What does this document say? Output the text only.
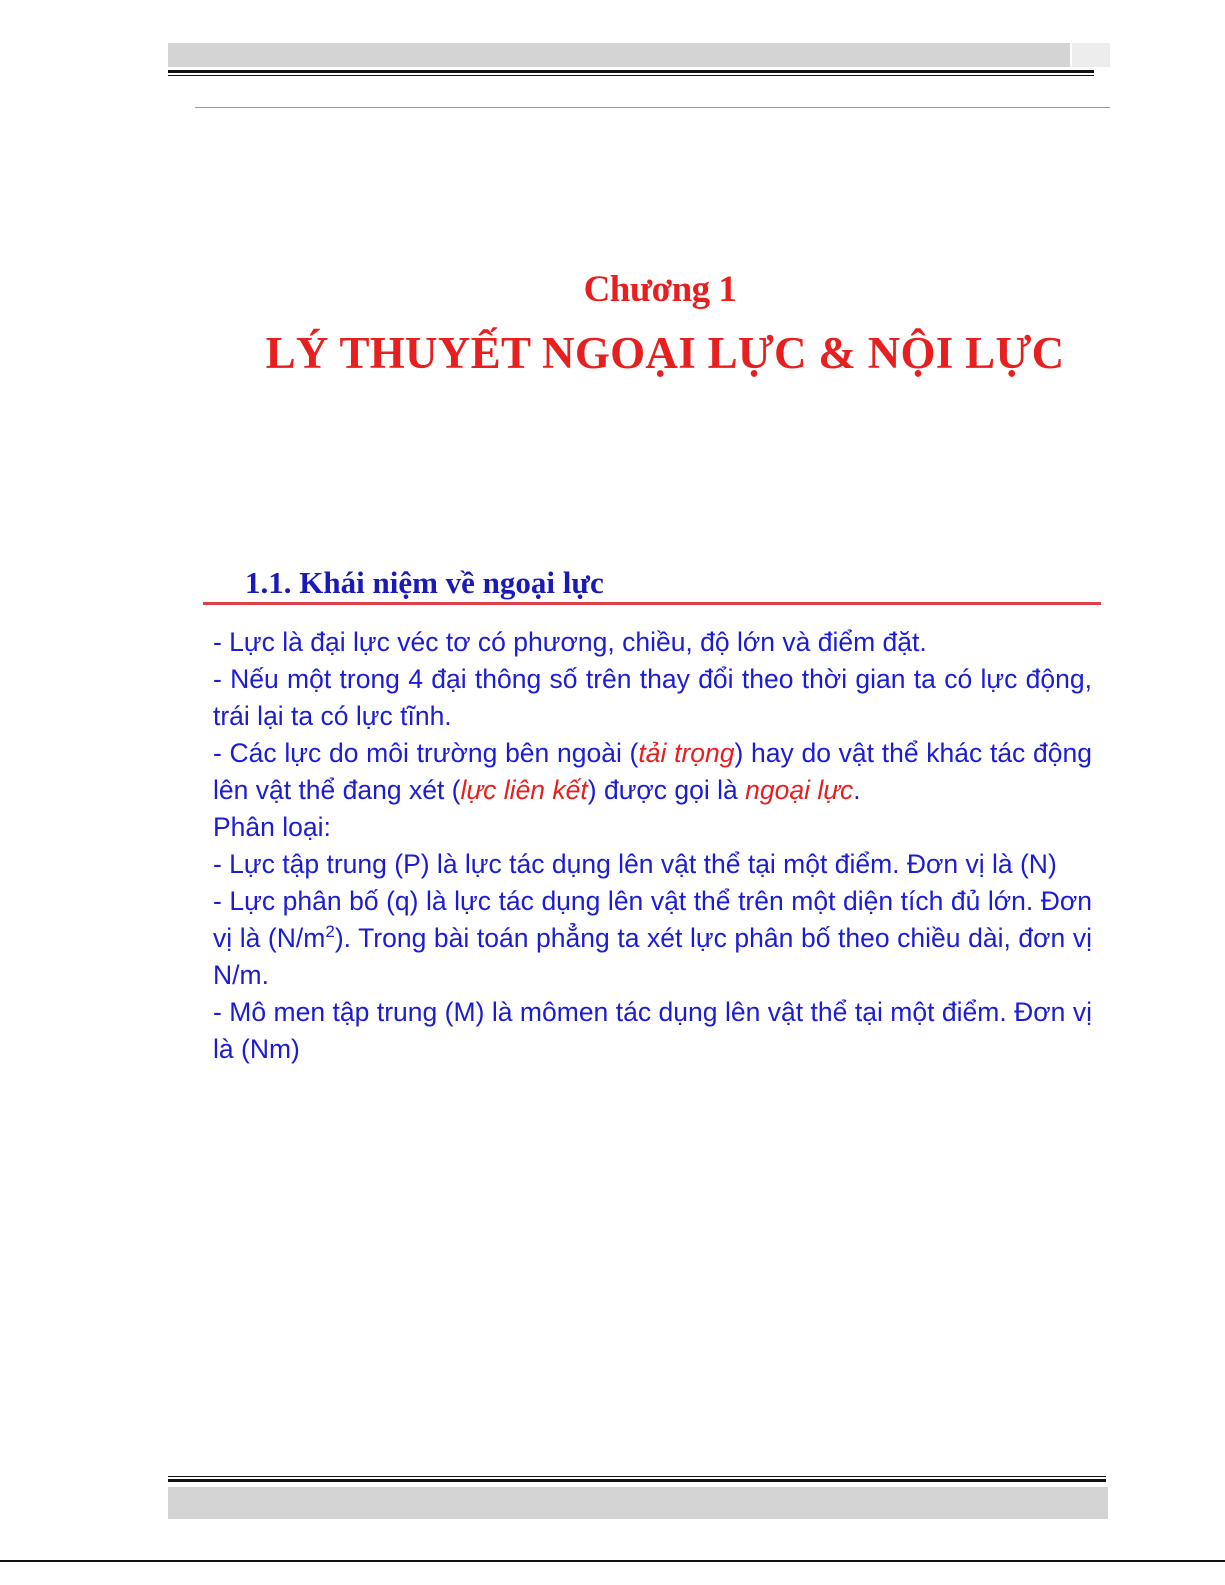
Chương 1
LÝ THUYẾT NGOẠI LỰC & NỘI LỰC
1.1. Khái niệm về ngoại lực

- Lực là đại lực véc tơ có phương, chiều, độ lớn và điểm đặt.

- Nếu một trong 4 đại thông số trên thay đổi theo thời gian ta có lực động, trái lại ta có lực tĩnh.

- Các lực do môi trường bên ngoài (tải trọng) hay do vật thể khác tác động lên vật thể đang xét (lực liên kết) được gọi là ngoại lực.

Phân loại:

- Lực tập trung (P) là lực tác dụng lên vật thể tại một điểm. Đơn vị là (N)

- Lực phân bố (q) là lực tác dụng lên vật thể trên một diện tích đủ lớn. Đơn vị là $(N/m^2)$. Trong bài toán phẳng ta xét lực phân bố theo chiều dài, đơn vị N/m.

- Mô men tập trung (M) là mômen tác dụng lên vật thể tại một điểm. Đơn vị là (Nm)
